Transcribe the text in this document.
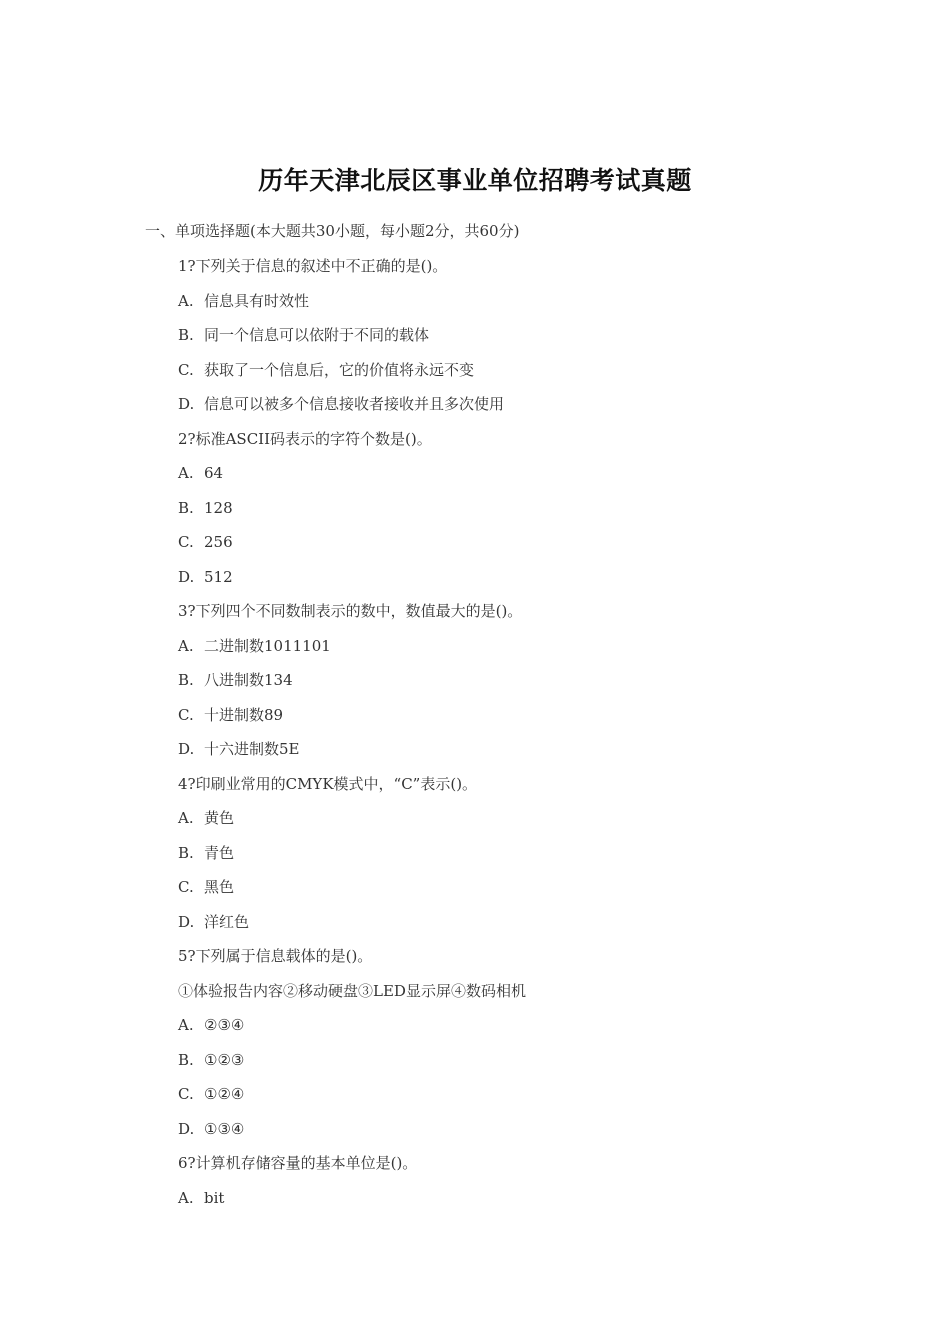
历年天津北辰区事业单位招聘考试真题

一、单项选择题(本大题共30小题，每小题2分，共60分)

1?下列关于信息的叙述中不正确的是()。
A. 信息具有时效性
B. 同一个信息可以依附于不同的载体
C. 获取了一个信息后，它的价值将永远不变
D. 信息可以被多个信息接收者接收并且多次使用
2?标准ASCII码表示的字符个数是()。
A. 64
B. 128
C. 256
D. 512
3?下列四个不同数制表示的数中，数值最大的是()。
A. 二进制数1011101
B. 八进制数134
C. 十进制数89
D. 十六进制数5E
4?印刷业常用的CMYK模式中，“C”表示()。
A. 黄色
B. 青色
C. 黑色
D. 洋红色
5?下列属于信息载体的是()。
①体验报告内容②移动硬盘③LED显示屏④数码相机
A. ②③④
B. ①②③
C. ①②④
D. ①③④
6?计算机存储容量的基本单位是()。
A. bit
